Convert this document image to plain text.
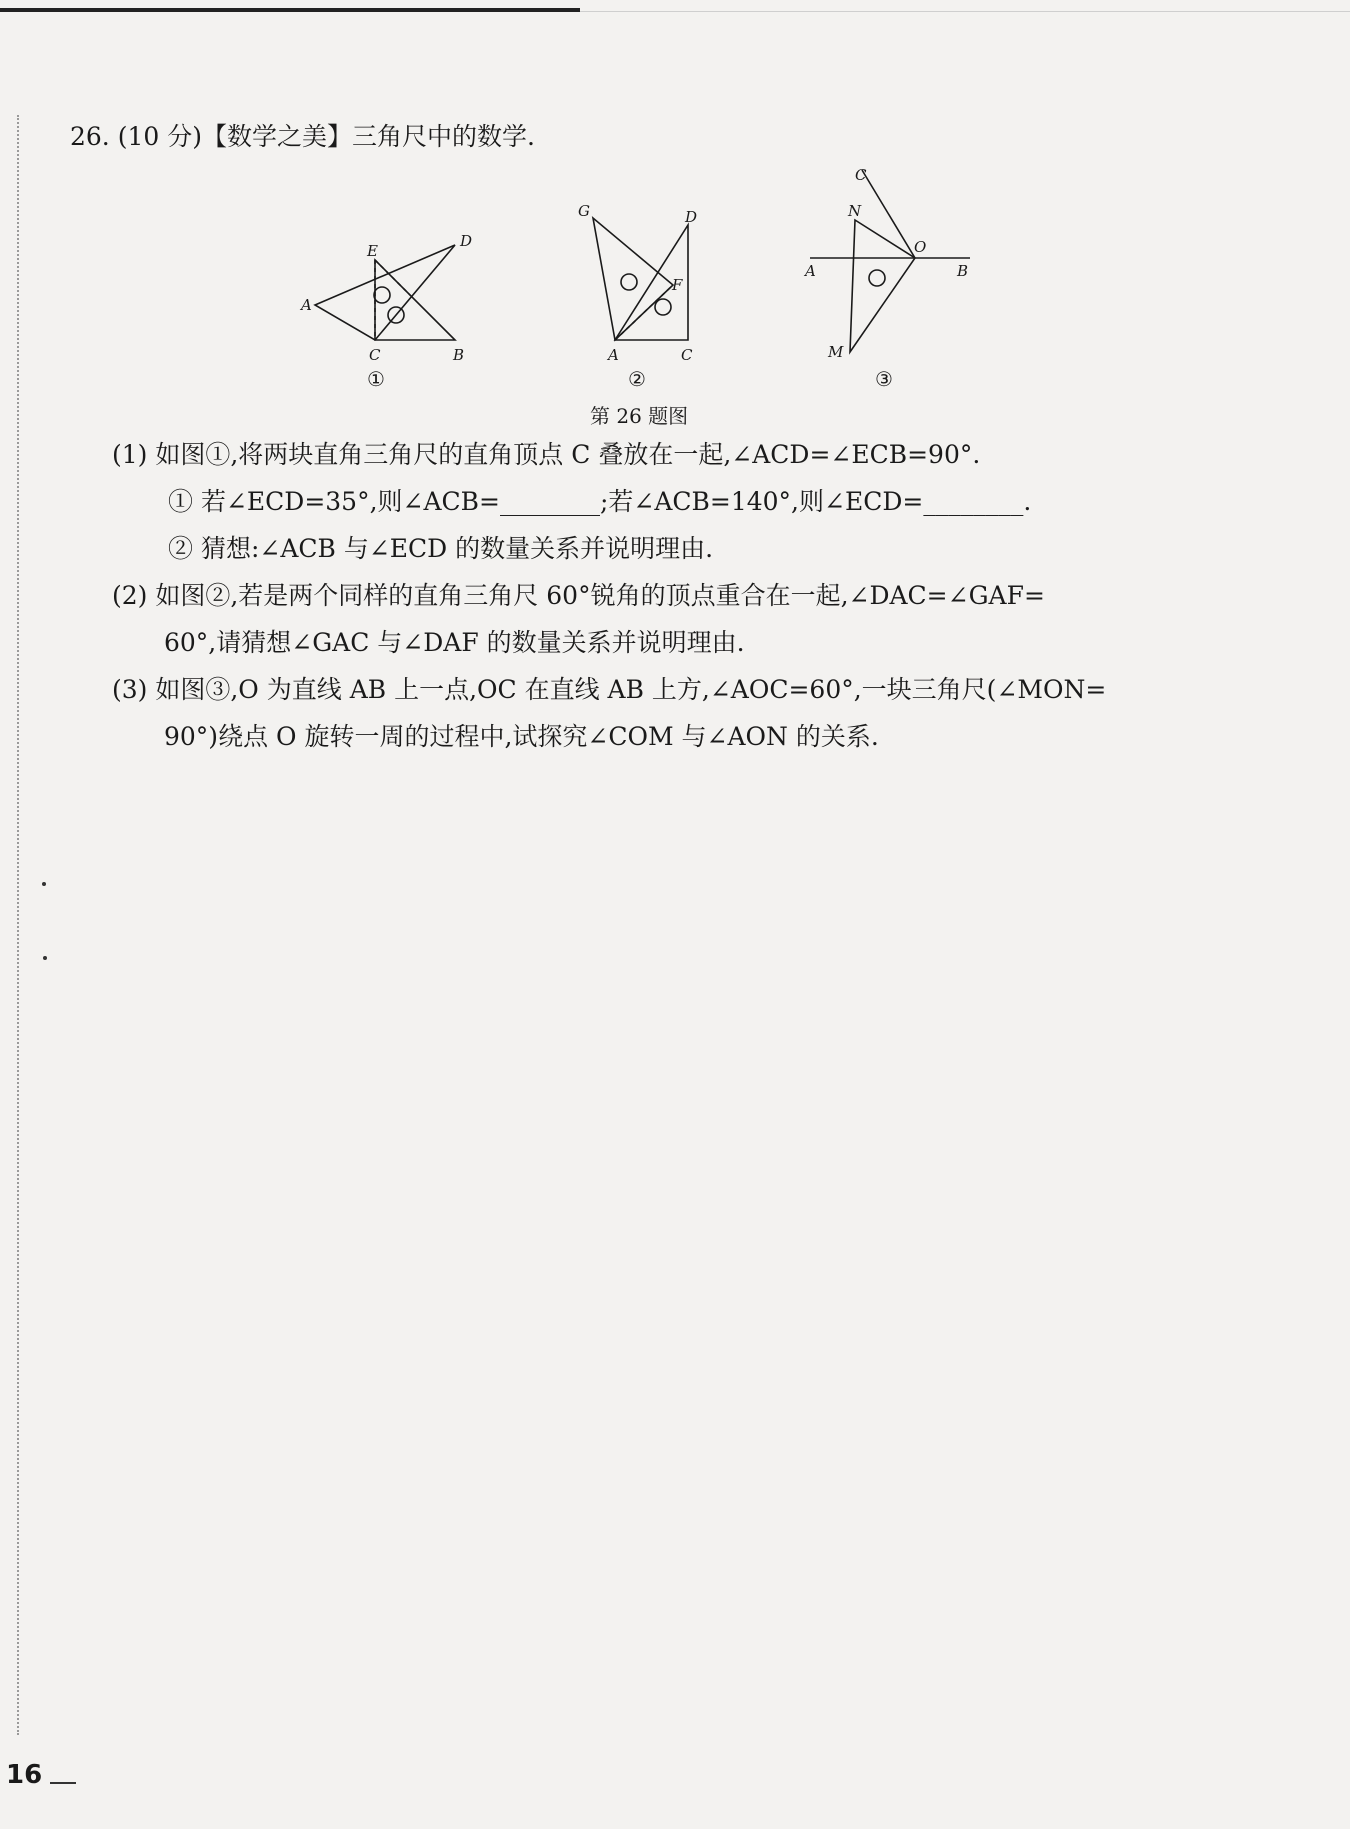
26. (10 分)【数学之美】三角尺中的数学.
A
E
D
C	B
①
G	D
F
A	C
②
C
N
O
A	B
M
③
第 26 题图
(1) 如图①,将两块直角三角尺的直角顶点 C 叠放在一起,∠ACD=∠ECB=90°.
① 若∠ECD=35°,则∠ACB=________;若∠ACB=140°,则∠ECD=________.
② 猜想:∠ACB 与∠ECD 的数量关系并说明理由.
(2) 如图②,若是两个同样的直角三角尺 60°锐角的顶点重合在一起,∠DAC=∠GAF=
60°,请猜想∠GAC 与∠DAF 的数量关系并说明理由.
(3) 如图③,O 为直线 AB 上一点,OC 在直线 AB 上方,∠AOC=60°,一块三角尺(∠MON=
90°)绕点 O 旋转一周的过程中,试探究∠COM 与∠AON 的关系.
16
